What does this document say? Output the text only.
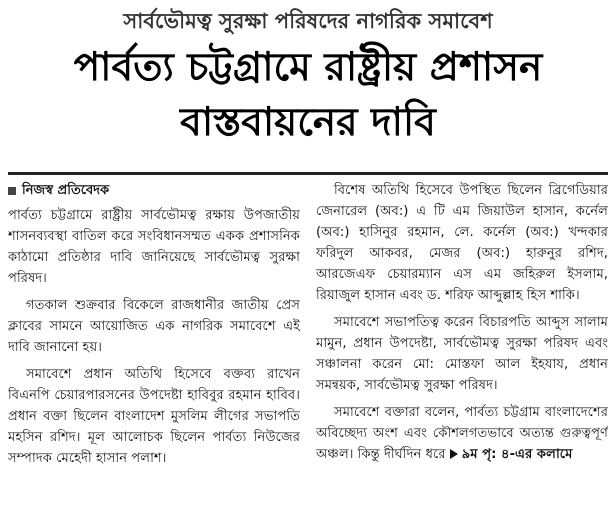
সার্বভৌমত্ব সুরক্ষা পরিষদের নাগরিক সমাবেশ
পার্বত্য চট্টগ্রামে রাষ্ট্রীয় প্রশাসন
বাস্তবায়নের দাবি
নিজস্ব প্রতিবেদক

পার্বত্য চট্টগ্রামে রাষ্ট্রীয় সার্বভৌমত্ব রক্ষায় উপজাতীয় শাসনব্যবস্থা বাতিল করে সংবিধানসম্মত একক প্রশাসনিক কাঠামো প্রতিষ্ঠার দাবি জানিয়েছে সার্বভৌমত্ব সুরক্ষা পরিষদ।

গতকাল শুক্রবার বিকেলে রাজধানীর জাতীয় প্রেস ক্লাবের সামনে আয়োজিত এক নাগরিক সমাবেশে এই দাবি জানানো হয়।

সমাবেশে প্রধান অতিথি হিসেবে বক্তব্য রাখেন বিএনপি চেয়ারপারসনের উপদেষ্টা হাবিবুর রহমান হাবিব। প্রধান বক্তা ছিলেন বাংলাদেশ মুসলিম লীগের সভাপতি মহসিন রশিদ। মূল আলোচক ছিলেন পার্বত্য নিউজের সম্পাদক মেহেদী হাসান পলাশ।

বিশেষ অতিথি হিসেবে উপস্থিত ছিলেন ব্রিগেডিয়ার জেনারেল (অব:) এ টি এম জিয়াউল হাসান, কর্নেল (অব:) হাসিনুর রহমান, লে. কর্নেল (অব:) খন্দকার ফরিদুল আকবর, মেজর (অব:) হারুনুর রশিদ, আরজেএফ চেয়ারম্যান এস এম জহিরুল ইসলাম, রিয়াজুল হাসান এবং ড. শরিফ আব্দুল্লাহ হিস শাকি।

সমাবেশে সভাপতিত্ব করেন বিচারপতি আব্দুস সালাম মামুন, প্রধান উপদেষ্টা, সার্বভৌমত্ব সুরক্ষা পরিষদ এবং সঞ্চালনা করেন মো: মোস্তফা আল ইহযায, প্রধান সমন্বয়ক, সার্বভৌমত্ব সুরক্ষা পরিষদ।

সমাবেশে বক্তারা বলেন, পার্বত্য চট্টগ্রাম বাংলাদেশের অবিচ্ছেদ্য অংশ এবং কৌশলগতভাবে অত্যন্ত গুরুত্বপূর্ণ অঞ্চল। কিন্তু দীর্ঘদিন ধরে ৯ম পৃ: ৪-এর কলামে
